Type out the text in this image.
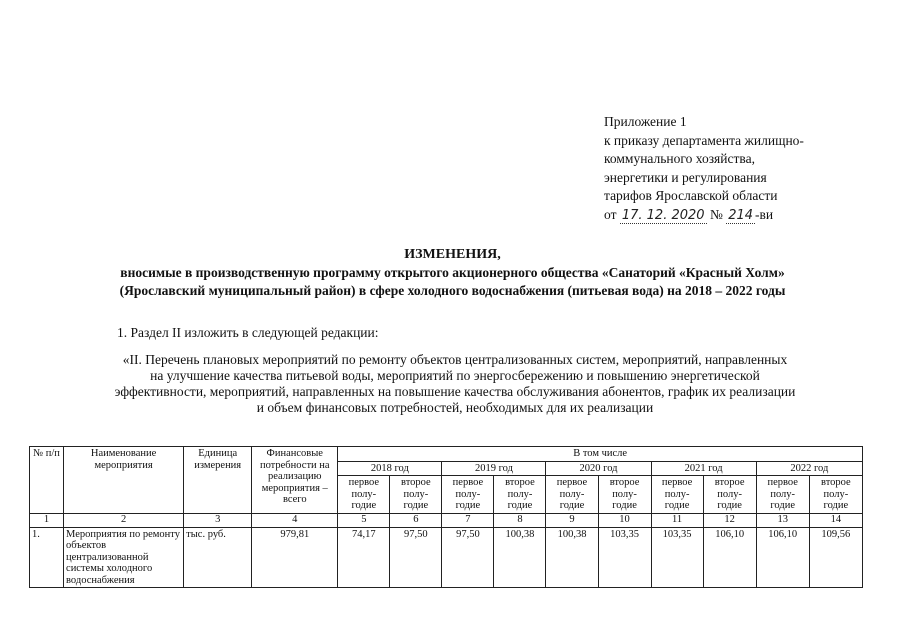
Приложение 1
к приказу департамента жилищно-
коммунального хозяйства,
энергетики и регулирования
тарифов Ярославской области
от 17. 12. 2020 № 214 -ви
ИЗМЕНЕНИЯ,
вносимые в производственную программу открытого акционерного общества «Санаторий «Красный Холм»
(Ярославский муниципальный район) в сфере холодного водоснабжения (питьевая вода) на 2018 – 2022 годы
1. Раздел II изложить в следующей редакции:
«II. Перечень плановых мероприятий по ремонту объектов централизованных систем, мероприятий, направленных
на улучшение качества питьевой воды, мероприятий по энергосбережению и повышению энергетической
эффективности, мероприятий, направленных на повышение качества обслуживания абонентов, график их реализации
и объем финансовых потребностей, необходимых для их реализации
№ п/п	Наименование мероприятия	Единица измерения	Финансовые потребности на реализацию мероприятия – всего	В том числе									
				2018 год		2019 год		2020 год		2021 год		2022 год	
				первое полу-годие	второе полу-годие	первое полу-годие	второе полу-годие	первое полу-годие	второе полу-годие	первое полу-годие	второе полу-годие	первое полу-годие	второе полу-годие
1	2	3	4	5	6	7	8	9	10	11	12	13	14
1.	Мероприятия по ремонту объектов централизованной системы холодного водоснабжения	тыс. руб.	979,81	74,17	97,50	97,50	100,38	100,38	103,35	103,35	106,10	106,10	109,56
